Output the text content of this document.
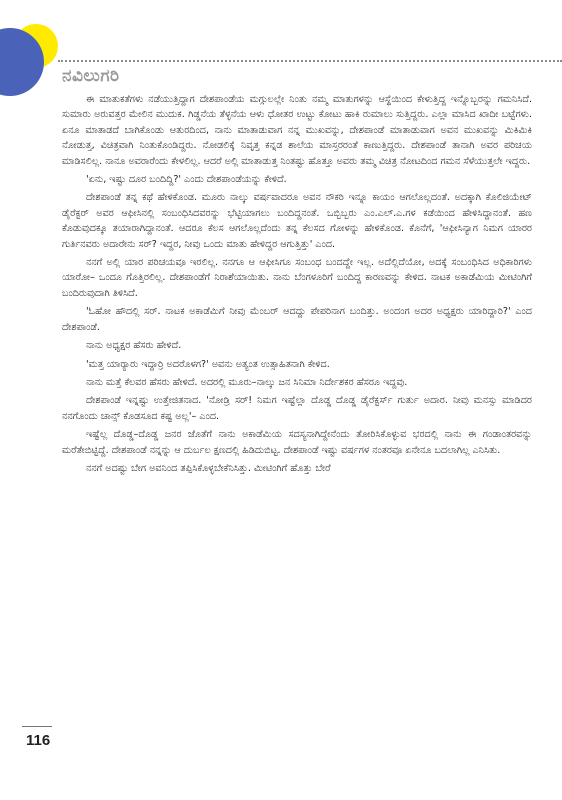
ನವಿಲುಗರಿ

ಈ ಮಾತುಕತೆಗಳು ನಡೆಯುತ್ತಿದ್ದಾಗ ದೇಶಪಾಂಡೆಯ ಮಗ್ಗುಲಲ್ಲೇ ನಿಂತು ನಮ್ಮ ಮಾತುಗಳನ್ನು ಆಸ್ಥೆಯಿಂದ ಕೇಳುತ್ತಿದ್ದ ಇನ್ನೊಬ್ಬರನ್ನು ಗಮನಿಸಿದೆ. ಸುಮಾರು ಅರುವತ್ತರ ಮೇಲಿನ ಮುದುಕ. ಗಿಡ್ಡನೆಯ ತೆಳ್ಳನೆಯ ಆಳು ಧೋತರ ಉಟ್ಟು ಕೋಟು ಹಾಕಿ ರುಮಾಲು ಸುತ್ತಿದ್ದರು. ಎಲ್ಲಾ ಮಾಸಿದ ಖಾದೀ ಬಟ್ಟೆಗಳು. ಏನೂ ಮಾತಾಡದೆ ಬಾಗಿಕೊಂಡು ಆತುರದಿಂದ, ನಾನು ಮಾತಾಡುವಾಗ ನನ್ನ ಮುಖವನ್ನು, ದೇಶಪಾಂಡೆ ಮಾತಾಡುವಾಗ ಅವನ ಮುಖವನ್ನು ಮಿಕಿಮಿಕಿ ನೋಡುತ್ತ, ವಿಚಿತ್ರವಾಗಿ ನಿಂತುಕೊಂಡಿದ್ದರು. ನೋಡಲಿಕ್ಕೆ ನಿವೃತ್ತ ಕನ್ನಡ ಶಾಲೆಯ ಮಾಸ್ತರರಂತೆ ಕಾಣುತ್ತಿದ್ದರು. ದೇಶಪಾಂಡೆ ತಾನಾಗಿ ಅವರ ಪರಿಚಯ ಮಾಡಿಸಲಿಲ್ಲ. ನಾನೂ ಅವರಾರೆಂದು ಕೇಳಲಿಲ್ಲ. ಆದರೆ ಅಲ್ಲಿ ಮಾತಾಡುತ್ತ ನಿಂತಷ್ಟು ಹೊತ್ತೂ ಅವರು ತಮ್ಮ ವಿಚಿತ್ರ ನೋಟದಿಂದ ಗಮನ ಸೆಳೆಯುತ್ತಲೇ ಇದ್ದರು.

'ಏನು, ಇಷ್ಟು ದೂರ ಬಂದಿದ್ದಿ?' ಎಂದು ದೇಶಪಾಂಡೆಯನ್ನು ಕೇಳಿದೆ.

ದೇಶಪಾಂಡೆ ತನ್ನ ಕಥೆ ಹೇಳಿಕೊಂಡ. ಮೂರು ನಾಲ್ಕು ವರ್ಷವಾದರೂ ಅವನ ನೌಕರಿ ಇನ್ನೂ ಕಾಯಂ ಆಗಲೊಲ್ಲದಂತೆ. ಅದಕ್ಕಾಗಿ ಕೊಲಿಜಿಯೇಟ್ ಡೈರೆಕ್ಟರ್ ಅವರ ಆಫೀಸಿನಲ್ಲಿ ಸಂಬಂಧಿಸಿದವರನ್ನು ಭೆಟ್ಟಿಯಾಗಲು ಬಂದಿದ್ದನಂತೆ. ಒಬ್ಬಿಬ್ಬರು ಎಂ.ಎಲ್.ಎ.ಗಳ ಕಡೆಯಿಂದ ಹೇಳಿಸಿದ್ದಾನಂತೆ. ಹಣ ಕೊಡುವುದಕ್ಕೂ ತಯಾರಾಗಿದ್ದಾನಂತೆ. ಆದರೂ ಕೆಲಸ ಆಗಲೊಲ್ಲದೆಂದು ತನ್ನ ಕೆಲಸದ ಗೋಳನ್ನು ಹೇಳಿಕೊಂಡ. ಕೊನೆಗೆ, 'ಆಫೀಸಿನ್ಯಾಗ ನಿಮಗ ಯಾರರ ಗುರ್ತಿನವರು ಅದಾರೇನು ಸರ್? ಇದ್ದರ, ನೀವು ಒಂದು ಮಾತು ಹೇಳಿದ್ದರ ಆಗುತ್ತಿತ್ತು' ಎಂದ.

ನನಗೆ ಅಲ್ಲಿ ಯಾರ ಪರಿಚಯವೂ ಇರಲಿಲ್ಲ. ನನಗೂ ಆ ಆಫೀಸಿಗೂ ಸಂಬಂಧ ಬಂದದ್ದೇ ಇಲ್ಲ. ಅದೆಲ್ಲಿದೆಯೋ, ಅದಕ್ಕೆ ಸಂಬಂಧಿಸಿದ ಅಧಿಕಾರಿಗಳು ಯಾರೋ– ಒಂದೂ ಗೊತ್ತಿರಲಿಲ್ಲ. ದೇಶಪಾಂಡೆಗೆ ನಿರಾಶೆಯಾಯಿತು. ನಾನು ಬೆಂಗಳೂರಿಗೆ ಬಂದಿದ್ದ ಕಾರಣವನ್ನು ಕೇಳಿದ. ನಾಟಕ ಅಕಾಡೆಮಿಯ ಮೀಟಿಂಗಿಗೆ ಬಂದಿರುವುದಾಗಿ ತಿಳಿಸಿದೆ.

'ಓಹೋ ಹೌದಲ್ಲಿ ಸರ್. ನಾಟಕ ಅಕಾಡೆಮಿಗೆ ನೀವು ಮೆಂಬರ್ ಆದದ್ದು ಪೇಪರಿನಾಗ ಬಂದಿತ್ತು. ಅಂದಂಗ ಅದರ ಅಧ್ಯಕ್ಷರು ಯಾರಿದ್ದಾರಿ?' ಎಂದ ದೇಶಪಾಂಡೆ.

ನಾನು ಅಧ್ಯಕ್ಷರ ಹೆಸರು ಹೇಳಿದೆ.

'ಮತ್ತ ಯಾರ‍್ಯಾರು ಇದ್ದಾರ‍್ರಿ ಅದರೊಳಗ?' ಅವನು ಅತ್ಯಂತ ಉತ್ಸಾಹಿತನಾಗಿ ಕೇಳಿದ.

ನಾನು ಮತ್ತೆ ಕೆಲವರ ಹೆಸರು ಹೇಳಿದೆ. ಅದರಲ್ಲಿ ಮೂರು–ನಾಲ್ಕು ಜನ ಸಿನಿಮಾ ನಿರ್ದೇಶಕರ ಹೆಸರೂ ಇದ್ದವು.

ದೇಶಪಾಂಡೆ ಇನ್ನಷ್ಟು ಉತ್ತೇಜಿತನಾದ. 'ನೋಡ್ರಿ ಸರ್! ನಿಮಗ ಇಷ್ಟೆಲ್ಲಾ ದೊಡ್ಡ ದೊಡ್ಡ ಡೈರೆಕ್ಟರ್ಸ್ ಗುರ್ತು ಅದಾರ. ನೀವು ಮನಸ್ಸು ಮಾಡಿದರ ನನಗೊಂದು ಚಾನ್ಸ್ ಕೊಡಸೂದ ಕಷ್ಟ ಅಲ್ಲ'– ಎಂದ.

ಇಷ್ಟೆಲ್ಲ ದೊಡ್ಡ–ದೊಡ್ಡ ಜನರ ಜೊತೆಗೆ ನಾನು ಅಕಾಡೆಮಿಯ ಸದಸ್ಯನಾಗಿದ್ದೇನೆಂದು ತೋರಿಸಿಕೊಳ್ಳುವ ಭರದಲ್ಲಿ ನಾನು ಈ ಗಂಡಾಂತರವನ್ನು ಮರೆತೇಬಿಟ್ಟಿದ್ದೆ. ದೇಶಪಾಂಡೆ ನನ್ನನ್ನು ಆ ದುರ್ಬಲ ಕ್ಷಣದಲ್ಲಿ ಹಿಡಿದುಬಿಟ್ಟ. ದೇಶಪಾಂಡೆ ಇಷ್ಟು ವರ್ಷಗಳ ನಂತರವೂ ಏನೇನೂ ಬದಲಾಗಿಲ್ಲ ಎನಿಸಿತು.

ನನಗೆ ಅದಷ್ಟು ಬೇಗ ಅವನಿಂದ ತಪ್ಪಿಸಿಕೊಳ್ಳಬೇಕೆನಿಸಿತ್ತು. ಮೀಟಿಂಗಿಗೆ ಹೊತ್ತು ಬೇರೆ

116
